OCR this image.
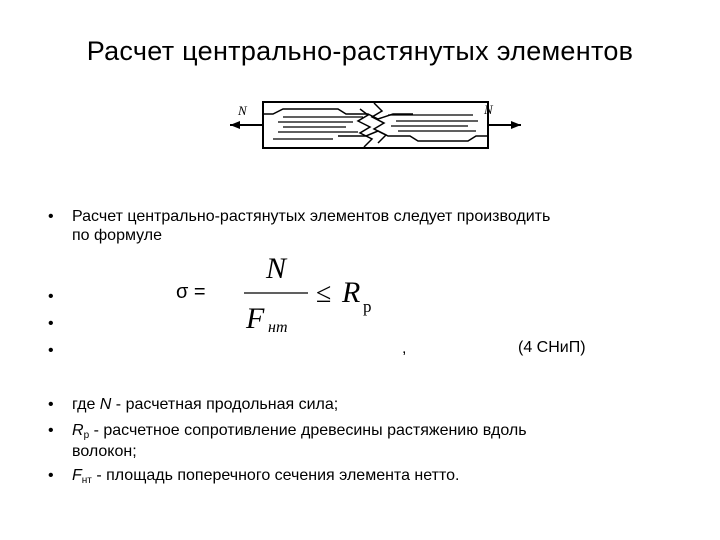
Расчет центрально-растянутых элементов
N	N
• Расчет центрально-растянутых элементов следует производить
по формуле
•
•
•
σ =
N
F нт
≤ R р
,	(4 СНиП)
• где N - расчетная продольная сила;
• Rр - расчетное сопротивление древесины растяжению вдоль
волокон;
• Fнт - площадь поперечного сечения элемента нетто.
